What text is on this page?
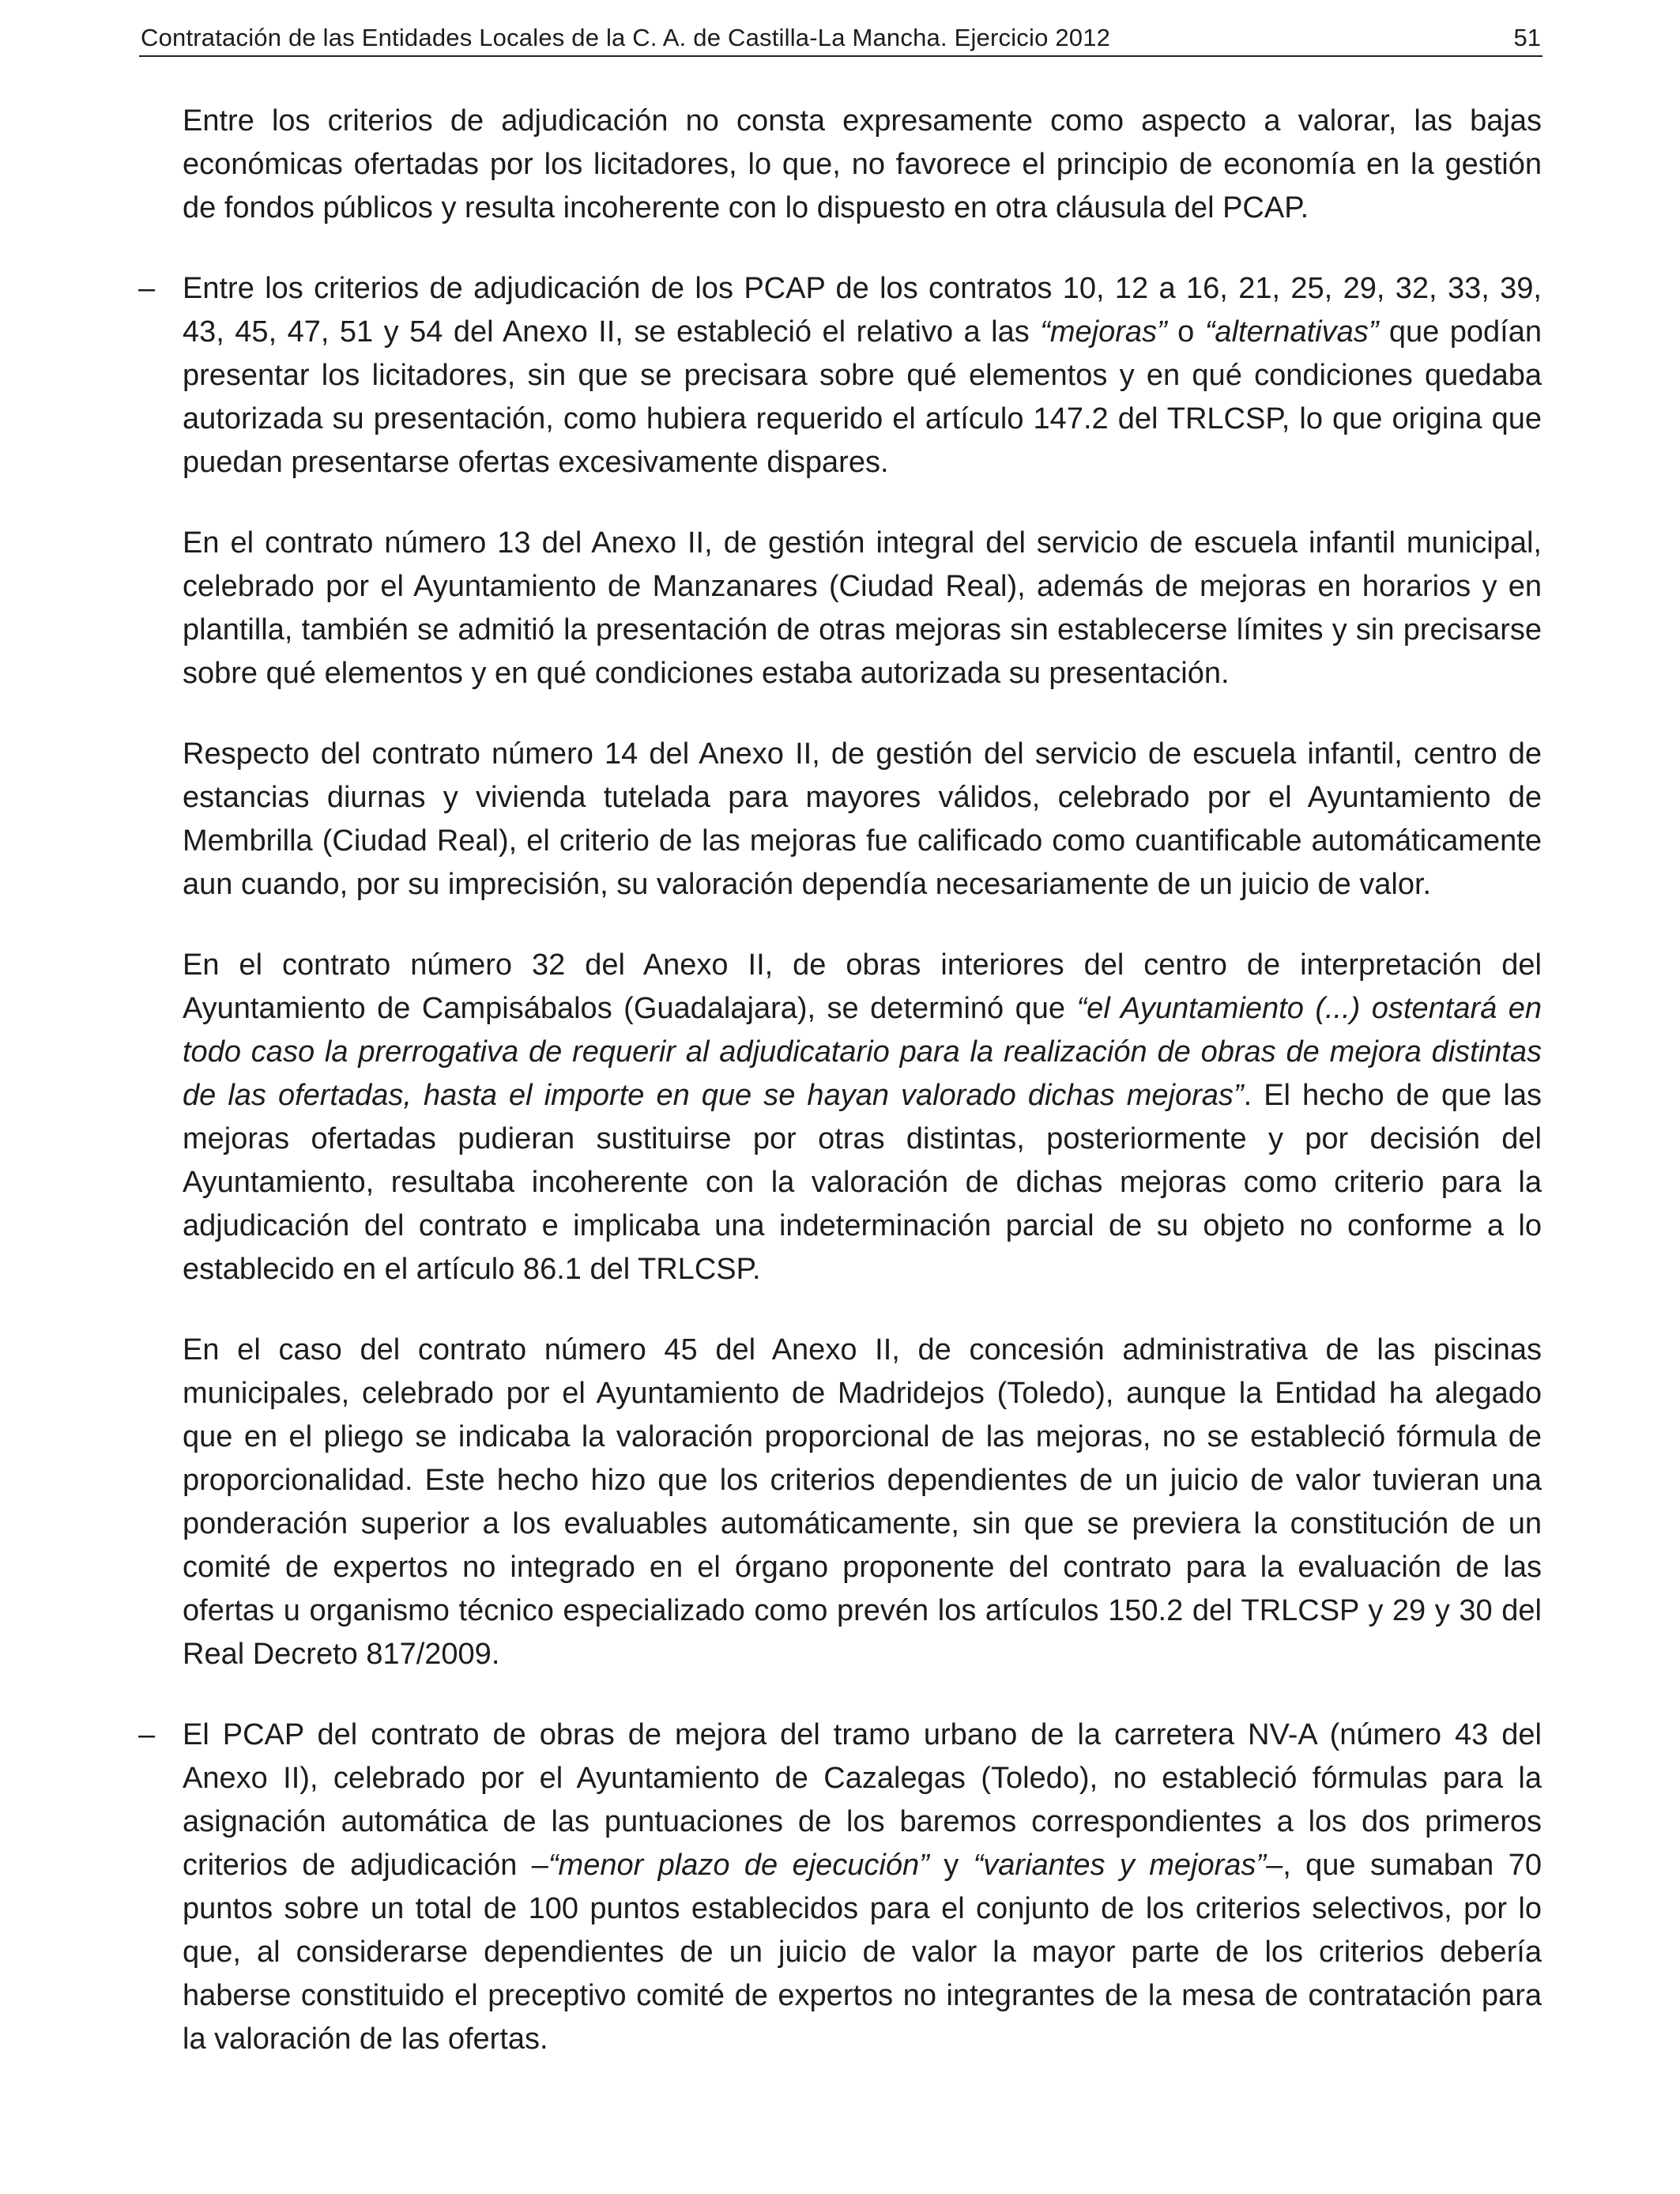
Contratación de las Entidades Locales de la C. A. de Castilla-La Mancha. Ejercicio 2012	51

Entre los criterios de adjudicación no consta expresamente como aspecto a valorar, las bajas económicas ofertadas por los licitadores, lo que, no favorece el principio de economía en la gestión de fondos públicos y resulta incoherente con lo dispuesto en otra cláusula del PCAP.

– Entre los criterios de adjudicación de los PCAP de los contratos 10, 12 a 16, 21, 25, 29, 32, 33, 39, 43, 45, 47, 51 y 54 del Anexo II, se estableció el relativo a las “mejoras” o “alternativas” que podían presentar los licitadores, sin que se precisara sobre qué elementos y en qué condiciones quedaba autorizada su presentación, como hubiera requerido el artículo 147.2 del TRLCSP, lo que origina que puedan presentarse ofertas excesivamente dispares.

En el contrato número 13 del Anexo II, de gestión integral del servicio de escuela infantil municipal, celebrado por el Ayuntamiento de Manzanares (Ciudad Real), además de mejoras en horarios y en plantilla, también se admitió la presentación de otras mejoras sin establecerse límites y sin precisarse sobre qué elementos y en qué condiciones estaba autorizada su presentación.

Respecto del contrato número 14 del Anexo II, de gestión del servicio de escuela infantil, centro de estancias diurnas y vivienda tutelada para mayores válidos, celebrado por el Ayuntamiento de Membrilla (Ciudad Real), el criterio de las mejoras fue calificado como cuantificable automáticamente aun cuando, por su imprecisión, su valoración dependía necesariamente de un juicio de valor.

En el contrato número 32 del Anexo II, de obras interiores del centro de interpretación del Ayuntamiento de Campisábalos (Guadalajara), se determinó que “el Ayuntamiento (...) ostentará en todo caso la prerrogativa de requerir al adjudicatario para la realización de obras de mejora distintas de las ofertadas, hasta el importe en que se hayan valorado dichas mejoras”. El hecho de que las mejoras ofertadas pudieran sustituirse por otras distintas, posteriormente y por decisión del Ayuntamiento, resultaba incoherente con la valoración de dichas mejoras como criterio para la adjudicación del contrato e implicaba una indeterminación parcial de su objeto no conforme a lo establecido en el artículo 86.1 del TRLCSP.

En el caso del contrato número 45 del Anexo II, de concesión administrativa de las piscinas municipales, celebrado por el Ayuntamiento de Madridejos (Toledo), aunque la Entidad ha alegado que en el pliego se indicaba la valoración proporcional de las mejoras, no se estableció fórmula de proporcionalidad. Este hecho hizo que los criterios dependientes de un juicio de valor tuvieran una ponderación superior a los evaluables automáticamente, sin que se previera la constitución de un comité de expertos no integrado en el órgano proponente del contrato para la evaluación de las ofertas u organismo técnico especializado como prevén los artículos 150.2 del TRLCSP y 29 y 30 del Real Decreto 817/2009.

– El PCAP del contrato de obras de mejora del tramo urbano de la carretera NV-A (número 43 del Anexo II), celebrado por el Ayuntamiento de Cazalegas (Toledo), no estableció fórmulas para la asignación automática de las puntuaciones de los baremos correspondientes a los dos primeros criterios de adjudicación –“menor plazo de ejecución” y “variantes y mejoras”–, que sumaban 70 puntos sobre un total de 100 puntos establecidos para el conjunto de los criterios selectivos, por lo que, al considerarse dependientes de un juicio de valor la mayor parte de los criterios debería haberse constituido el preceptivo comité de expertos no integrantes de la mesa de contratación para la valoración de las ofertas.
